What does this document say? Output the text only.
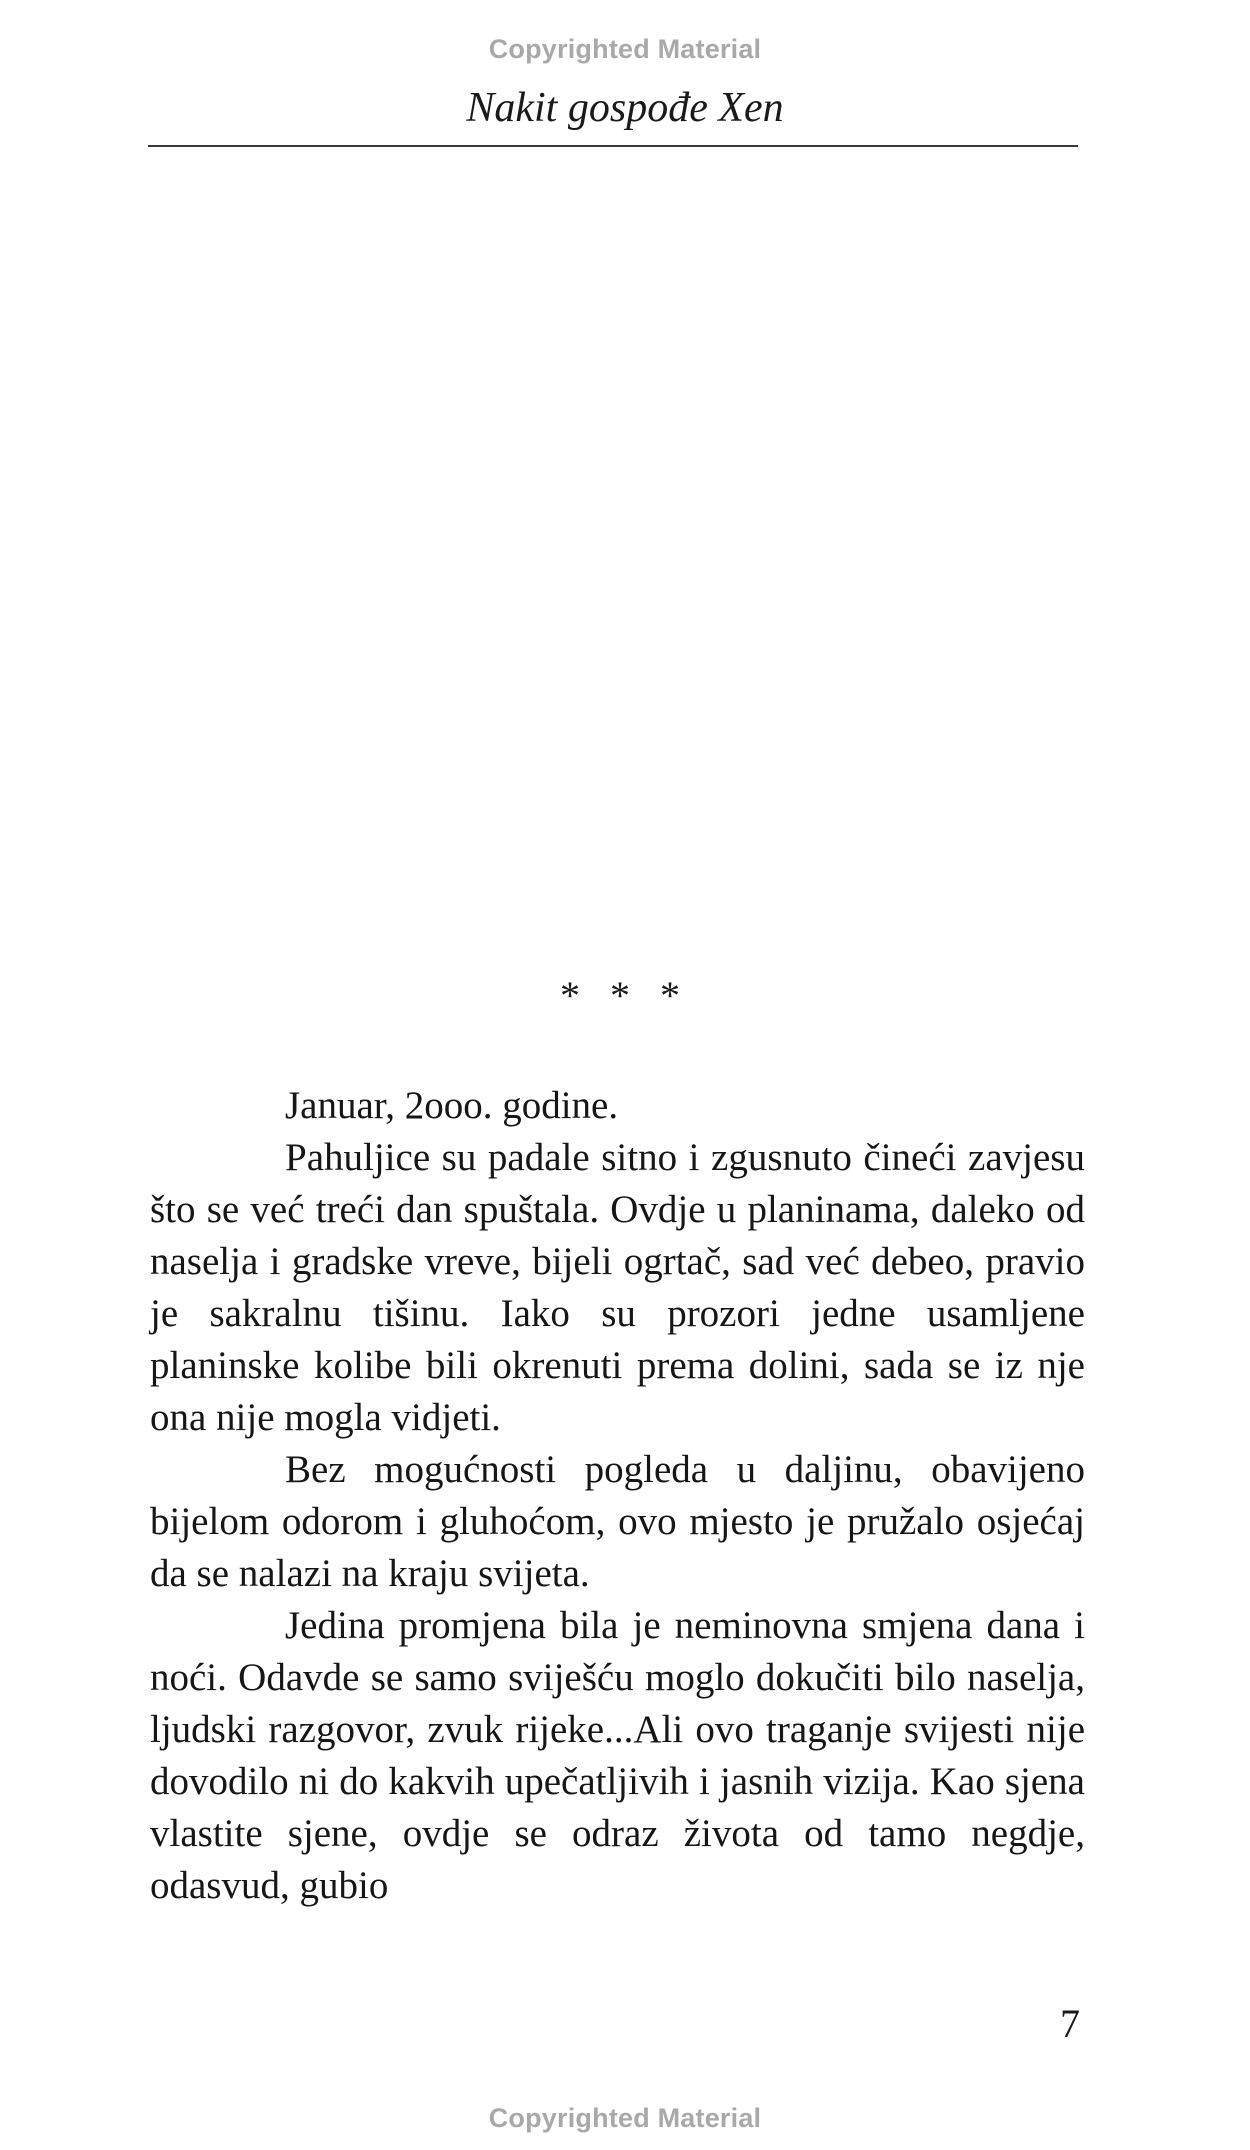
Copyrighted Material
Nakit gospođe Xen
* * *

Januar, 2ooo. godine.

Pahuljice su padale sitno i zgusnuto čineći zavjesu što se već treći dan spuštala. Ovdje u planinama, daleko od naselja i gradske vreve, bijeli ogrtač, sad već debeo, pravio je sakralnu tišinu. Iako su prozori jedne usamljene planinske kolibe bili okrenuti prema dolini, sada se iz nje ona nije mogla vidjeti.

Bez mogućnosti pogleda u daljinu, obavijeno bijelom odorom i gluhoćom, ovo mjesto je pružalo osjećaj da se nalazi na kraju svijeta.

Jedina promjena bila je neminovna smjena dana i noći. Odavde se samo sviješću moglo dokučiti bilo naselja, ljudski razgovor, zvuk rijeke...Ali ovo traganje svijesti nije dovodilo ni do kakvih upečatljivih i jasnih vizija. Kao sjena vlastite sjene, ovdje se odraz života od tamo negdje, odasvud, gubio

7
Copyrighted Material
